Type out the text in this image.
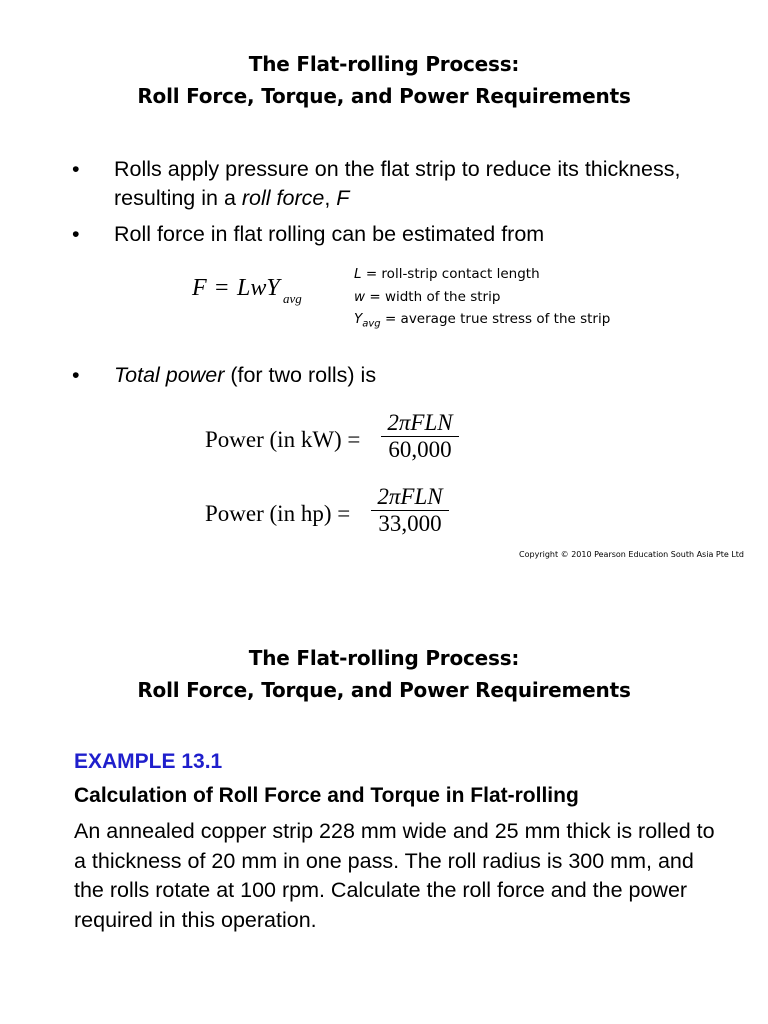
The Flat-rolling Process:
Roll Force, Torque, and Power Requirements
• Rolls apply pressure on the flat strip to reduce its thickness, resulting in a roll force, F
• Roll force in flat rolling can be estimated from
F = LwY avg
L = roll-strip contact length
w = width of the strip
$Y_{avg}$ = average true stress of the strip
• Total power (for two rolls) is
Power (in kW) =
2πFLN
60,000
Power (in hp) =
2πFLN
33,000
Copyright © 2010 Pearson Education South Asia Pte Ltd
The Flat-rolling Process:
Roll Force, Torque, and Power Requirements
EXAMPLE 13.1
Calculation of Roll Force and Torque in Flat-rolling
An annealed copper strip 228 mm wide and 25 mm thick is rolled to a thickness of 20 mm in one pass. The roll radius is 300 mm, and the rolls rotate at 100 rpm. Calculate the roll force and the power required in this operation.
